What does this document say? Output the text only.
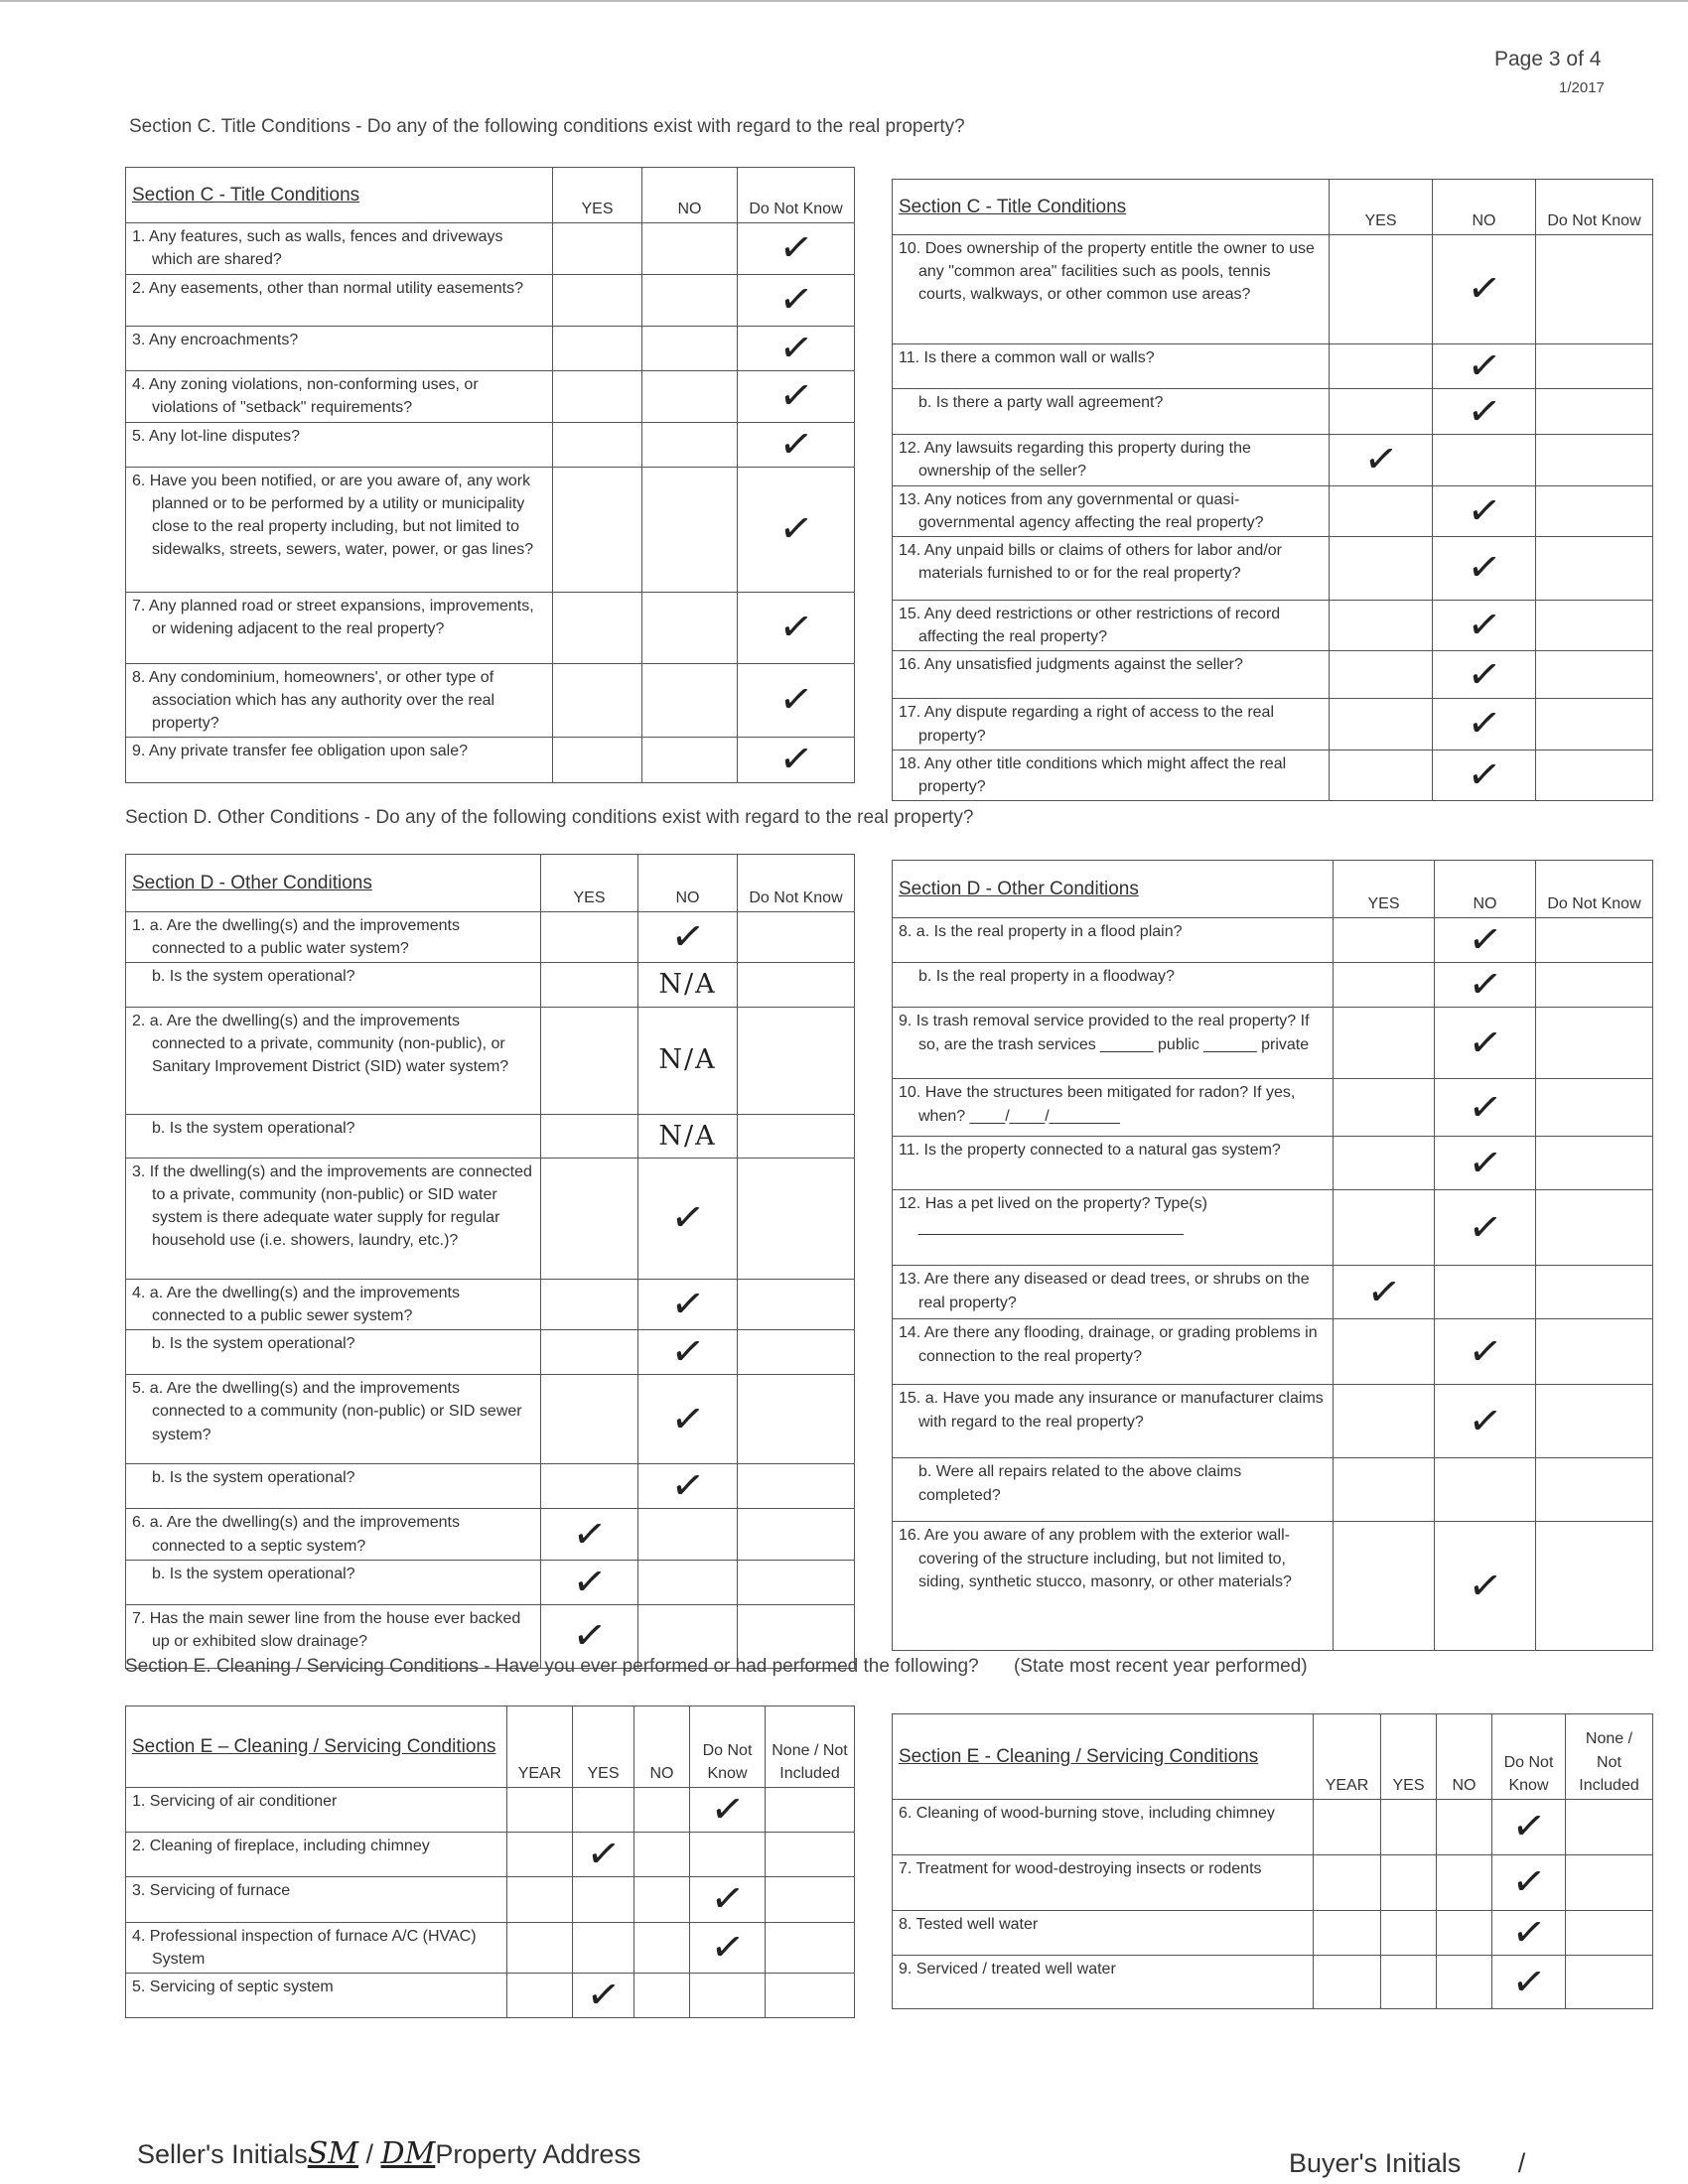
Page 3 of 4
1/2017
Section C. Title Conditions - Do any of the following conditions exist with regard to the real property?
Section C - Title Conditions	YES	NO	Do Not Know
1. Any features, such as walls, fences and driveways which are shared?			✓
2. Any easements, other than normal utility easements?			✓
3. Any encroachments?			✓
4. Any zoning violations, non-conforming uses, or violations of "setback" requirements?			✓
5. Any lot-line disputes?			✓
6. Have you been notified, or are you aware of, any work planned or to be performed by a utility or municipality close to the real property including, but not limited to sidewalks, streets, sewers, water, power, or gas lines?			✓
7. Any planned road or street expansions, improvements, or widening adjacent to the real property?			✓
8. Any condominium, homeowners', or other type of association which has any authority over the real property?			✓
9. Any private transfer fee obligation upon sale?			✓
Section C - Title Conditions	YES	NO	Do Not Know
10. Does ownership of the property entitle the owner to use any "common area" facilities such as pools, tennis courts, walkways, or other common use areas?		✓	
11. Is there a common wall or walls?		✓	
b. Is there a party wall agreement?		✓	
12. Any lawsuits regarding this property during the ownership of the seller?	✓		
13. Any notices from any governmental or quasi-governmental agency affecting the real property?		✓	
14. Any unpaid bills or claims of others for labor and/or materials furnished to or for the real property?		✓	
15. Any deed restrictions or other restrictions of record affecting the real property?		✓	
16. Any unsatisfied judgments against the seller?		✓	
17. Any dispute regarding a right of access to the real property?		✓	
18. Any other title conditions which might affect the real property?		✓	
Section D. Other Conditions - Do any of the following conditions exist with regard to the real property?
Section D - Other Conditions	YES	NO	Do Not Know
1. a. Are the dwelling(s) and the improvements connected to a public water system?		✓	
b. Is the system operational?		N/A	
2. a. Are the dwelling(s) and the improvements connected to a private, community (non-public), or Sanitary Improvement District (SID) water system?		N/A	
b. Is the system operational?		N/A	
3. If the dwelling(s) and the improvements are connected to a private, community (non-public) or SID water system is there adequate water supply for regular household use (i.e. showers, laundry, etc.)?		✓	
4. a. Are the dwelling(s) and the improvements connected to a public sewer system?		✓	
b. Is the system operational?		✓	
5. a. Are the dwelling(s) and the improvements connected to a community (non-public) or SID sewer system?		✓	
b. Is the system operational?		✓	
6. a. Are the dwelling(s) and the improvements connected to a septic system?	✓		
b. Is the system operational?	✓		
7. Has the main sewer line from the house ever backed up or exhibited slow drainage?	✓		
Section D - Other Conditions	YES	NO	Do Not Know
8. a. Is the real property in a flood plain?		✓	
b. Is the real property in a floodway?		✓	
9. Is trash removal service provided to the real property? If so, are the trash services ______ public ______ private		✓	
10. Have the structures been mitigated for radon? If yes, when? ____/____/________		✓	
11. Is the property connected to a natural gas system?		✓	
12. Has a pet lived on the property? Type(s) ______________________________		✓	
13. Are there any diseased or dead trees, or shrubs on the real property?	✓		
14. Are there any flooding, drainage, or grading problems in connection to the real property?		✓	
15. a. Have you made any insurance or manufacturer claims with regard to the real property?		✓	
b. Were all repairs related to the above claims completed?			
16. Are you aware of any problem with the exterior wall-covering of the structure including, but not limited to, siding, synthetic stucco, masonry, or other materials?		✓	
Section E. Cleaning / Servicing Conditions - Have you ever performed or had performed the following? (State most recent year performed)
Section E – Cleaning / Servicing Conditions	YEAR	YES	NO	Do Not Know	None / Not Included
1. Servicing of air conditioner				✓	
2. Cleaning of fireplace, including chimney		✓			
3. Servicing of furnace				✓	
4. Professional inspection of furnace A/C (HVAC) System				✓	
5. Servicing of septic system		✓			
Section E - Cleaning / Servicing Conditions	YEAR	YES	NO	Do Not Know	None / Not Included
6. Cleaning of wood-burning stove, including chimney				✓	
7. Treatment for wood-destroying insects or rodents				✓	
8. Tested well water				✓	
9. Serviced / treated well water				✓	
Seller's InitialsSM / DMProperty Address	Buyer's Initials /
